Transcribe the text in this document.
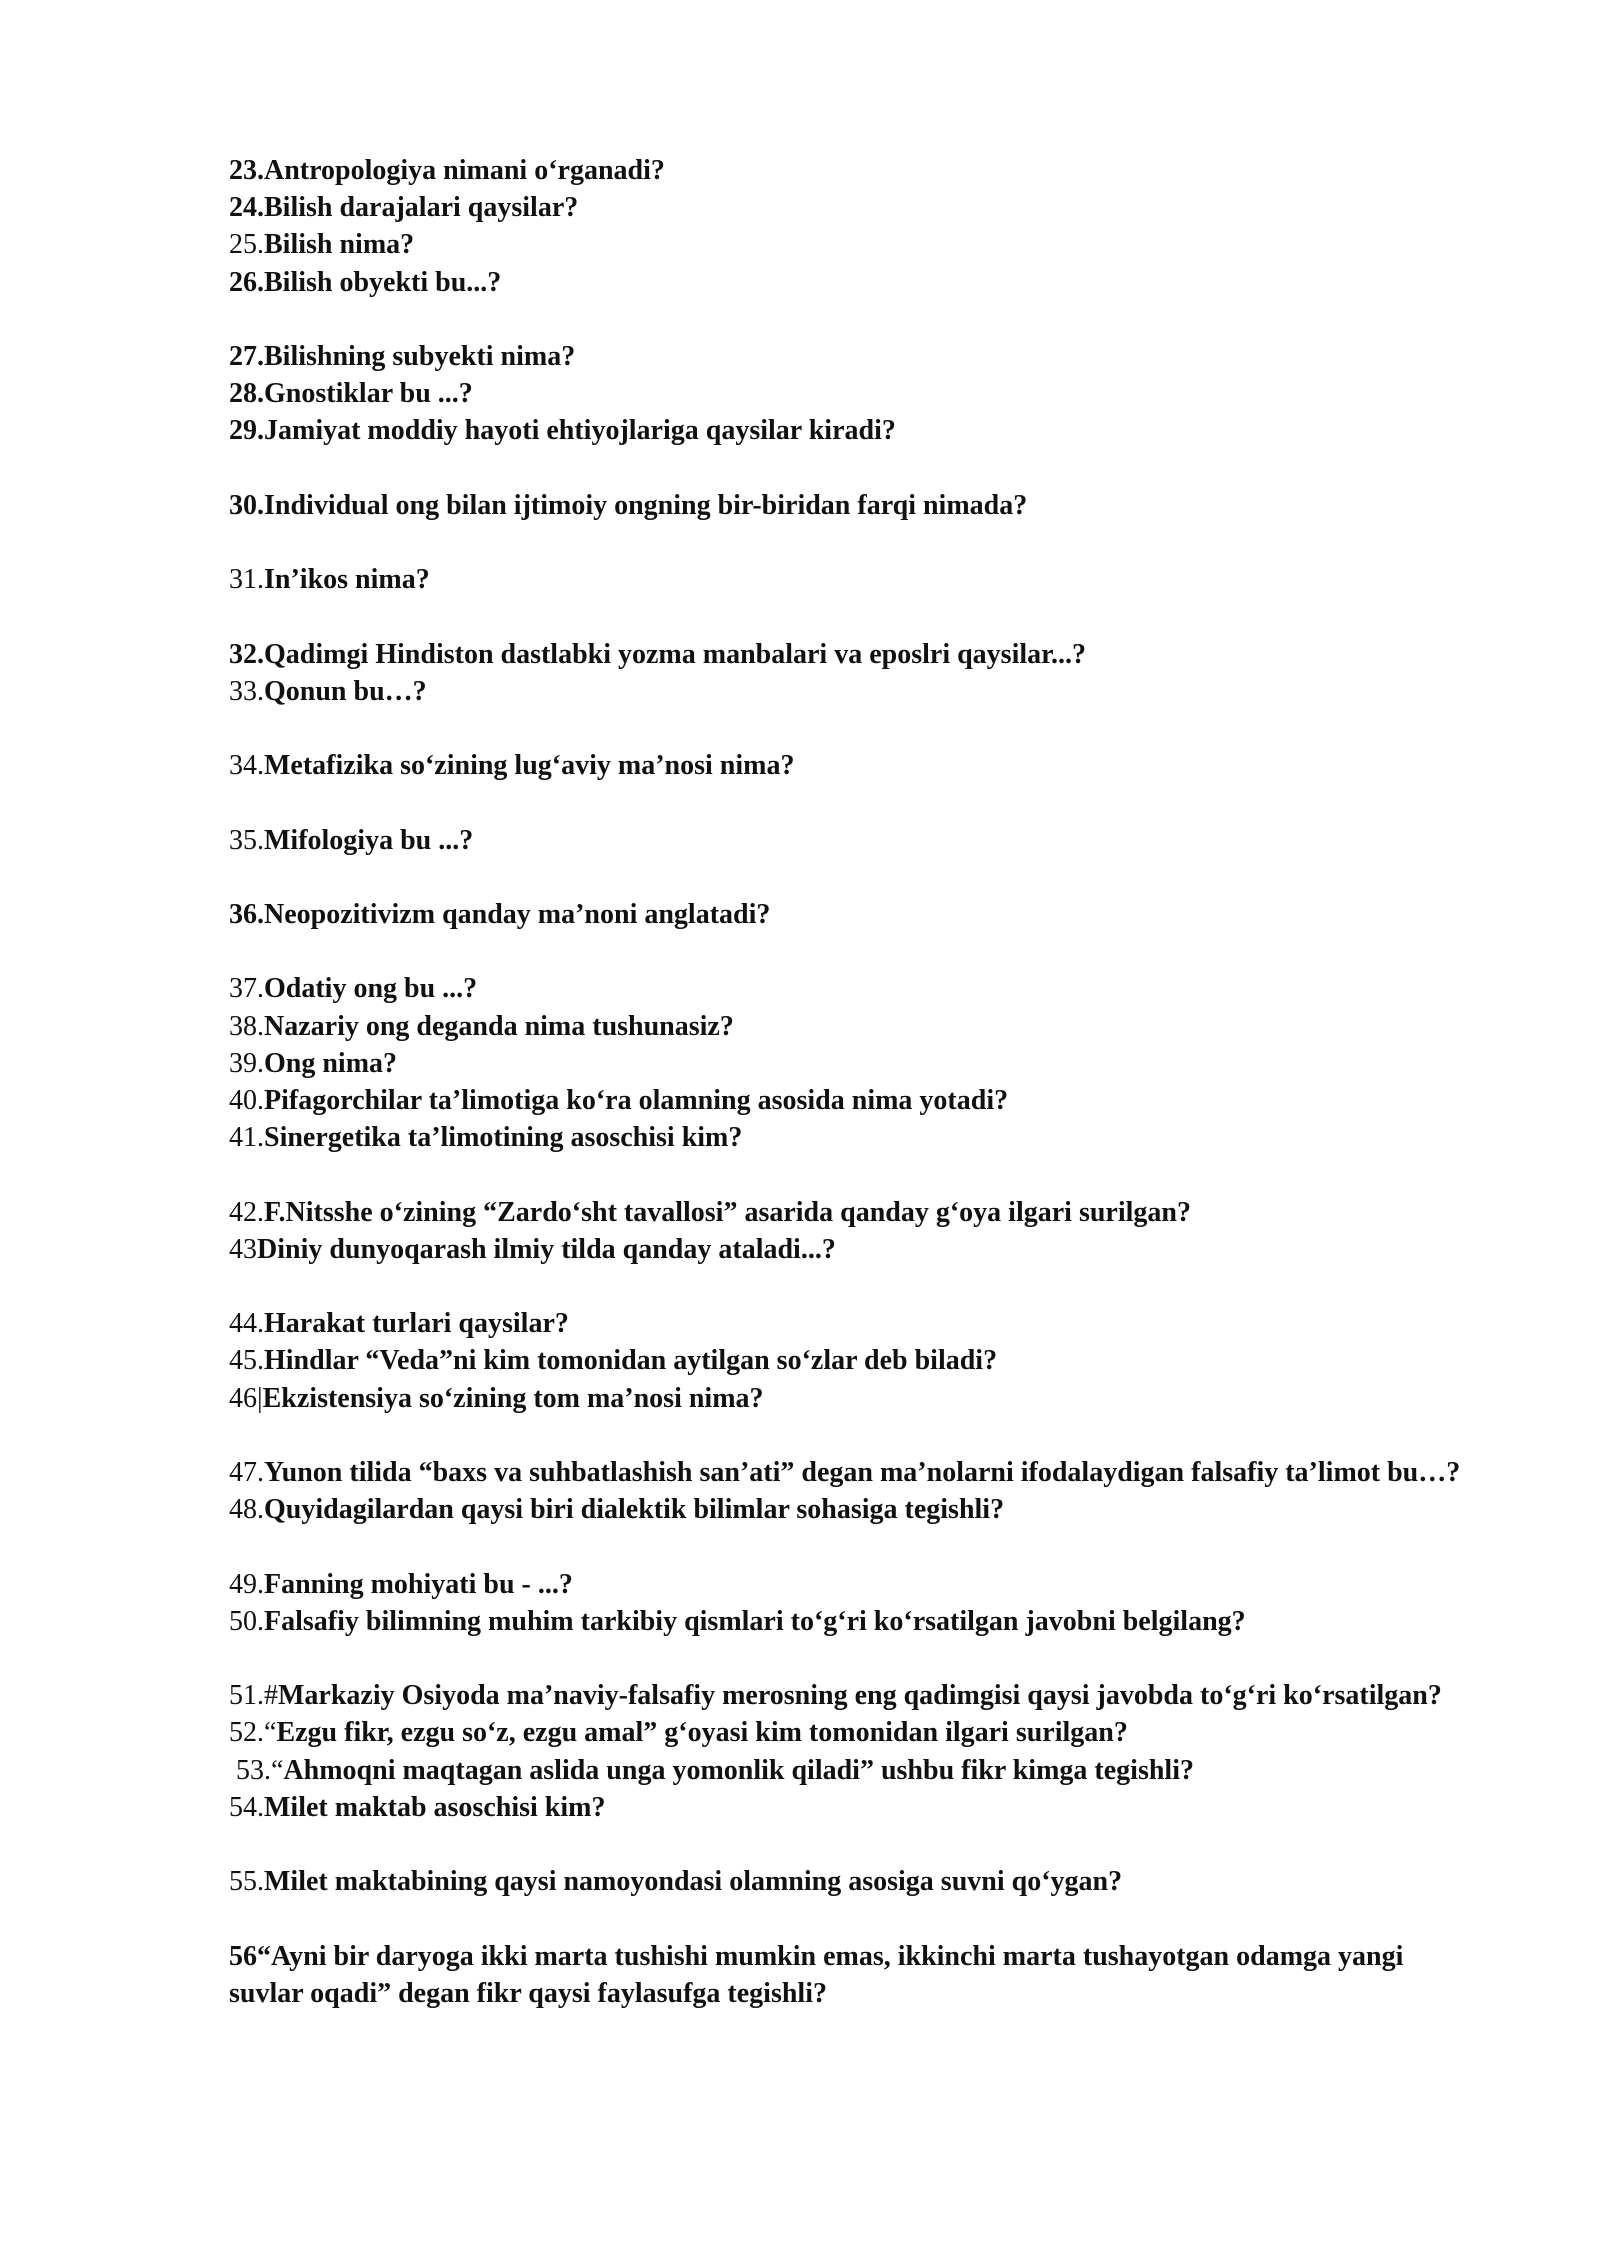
23.Antropologiya nimani o‘rganadi?

24.Bilish darajalari qaysilar?

25.Bilish nima?

26.Bilish obyekti bu...?

27.Bilishning subyekti nima?

28.Gnostiklar bu ...?

29.Jamiyat moddiy hayoti ehtiyojlariga qaysilar kiradi?

30.Individual ong bilan ijtimoiy ongning bir-biridan farqi nimada?

31.In’ikos nima?

32.Qadimgi Hindiston dastlabki yozma manbalari va eposlri qaysilar...?

33.Qonun bu…?

34.Metafizika so‘zining lug‘aviy ma’nosi nima?

35.Mifologiya bu ...?

36.Neopozitivizm qanday ma’noni anglatadi?

37.Odatiy ong bu ...?

38.Nazariy ong deganda nima tushunasiz?

39.Ong nima?

40.Pifagorchilar ta’limotiga ko‘ra olamning asosida nima yotadi?

41.Sinergetika ta’limotining asoschisi kim?

42.F.Nitsshe o‘zining “Zardo‘sht tavallosi” asarida qanday g‘oya ilgari surilgan?

43Diniy dunyoqarash ilmiy tilda qanday ataladi...?

44.Harakat turlari qaysilar?

45.Hindlar “Veda”ni kim tomonidan aytilgan so‘zlar deb biladi?

46|Ekzistensiya so‘zining tom ma’nosi nima?

47.Yunon tilida “baxs va suhbatlashish san’ati” degan ma’nolarni ifodalaydigan falsafiy ta’limot bu…?

48.Quyidagilardan qaysi biri dialektik bilimlar sohasiga tegishli?

49.Fanning mohiyati bu - ...?

50.Falsafiy bilimning muhim tarkibiy qismlari to‘g‘ri ko‘rsatilgan javobni belgilang?

51.#Markaziy Osiyoda ma’naviy-falsafiy merosning eng qadimgisi qaysi javobda to‘g‘ri ko‘rsatilgan?

52.“Ezgu fikr, ezgu so‘z, ezgu amal” g‘oyasi kim tomonidan ilgari surilgan?

53.“Ahmoqni maqtagan aslida unga yomonlik qiladi” ushbu fikr kimga tegishli?

54.Milet maktab asoschisi kim?

55.Milet maktabining qaysi namoyondasi olamning asosiga suvni qo‘ygan?

56“Ayni bir daryoga ikki marta tushishi mumkin emas, ikkinchi marta tushayotgan odamga yangi suvlar oqadi” degan fikr qaysi faylasufga tegishli?
